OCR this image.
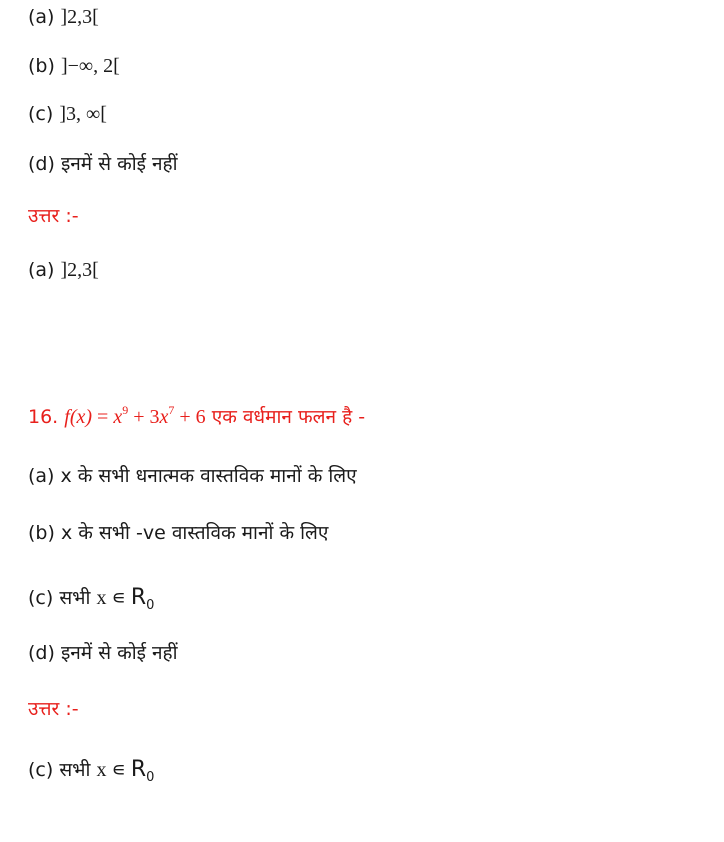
(a) ]2,3[
(b) ]−∞, 2[
(c) ]3, ∞[
(d) इनमें से कोई नहीं
उत्तर :-
(a) ]2,3[
16. $f(x) = x^9 + 3x^7 + 6$ एक वर्धमान फलन है -
(a) x के सभी धनात्मक वास्तविक मानों के लिए
(b) x के सभी -ve वास्तविक मानों के लिए
(c) सभी x ∊ $R_0$
(d) इनमें से कोई नहीं
उत्तर :-
(c) सभी x ∊ $R_0$
